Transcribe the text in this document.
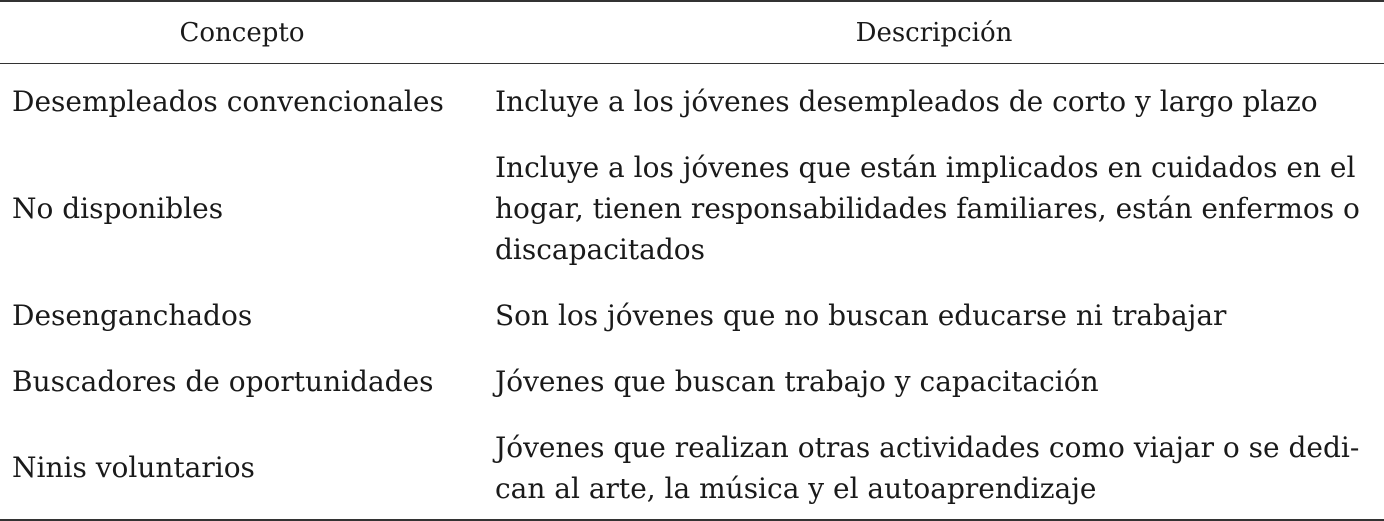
Concepto	Descripción
Desempleados convencionales Incluye a los jóvenes desempleados de corto y largo plazo
No disponibles
Incluye a los jóvenes que están implicados en cuidados en el
hogar, tienen responsabilidades familiares, están enfermos o
discapacitados
Desenganchados	Son los jóvenes que no buscan educarse ni trabajar
Buscadores de oportunidades Jóvenes que buscan trabajo y capacitación
Ninis voluntarios
Jóvenes que realizan otras actividades como viajar o se dedi-
can al arte, la música y el autoaprendizaje
